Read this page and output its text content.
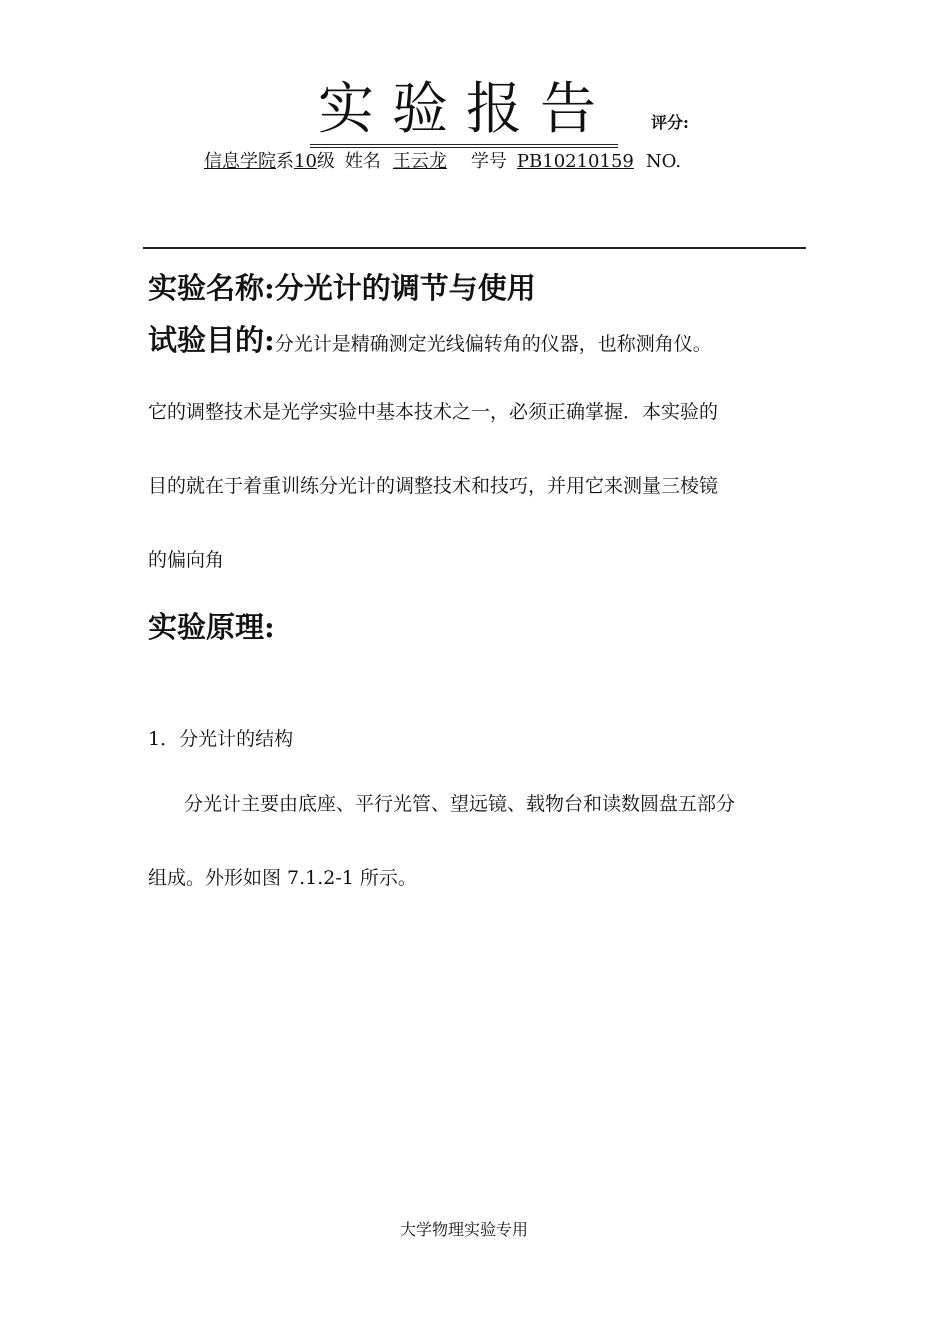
实验报告 评分:
信息学院系10级 姓名 王云龙 学号 PB10210159 NO.
实验名称:分光计的调节与使用
试验目的:分光计是精确测定光线偏转角的仪器，也称测角仪。
它的调整技术是光学实验中基本技术之一，必须正确掌握．本实验的
目的就在于着重训练分光计的调整技术和技巧，并用它来测量三棱镜
的偏向角
实验原理:
1．分光计的结构
分光计主要由底座、平行光管、望远镜、载物台和读数圆盘五部分
组成。外形如图 7.1.2-1 所示。
大学物理实验专用
